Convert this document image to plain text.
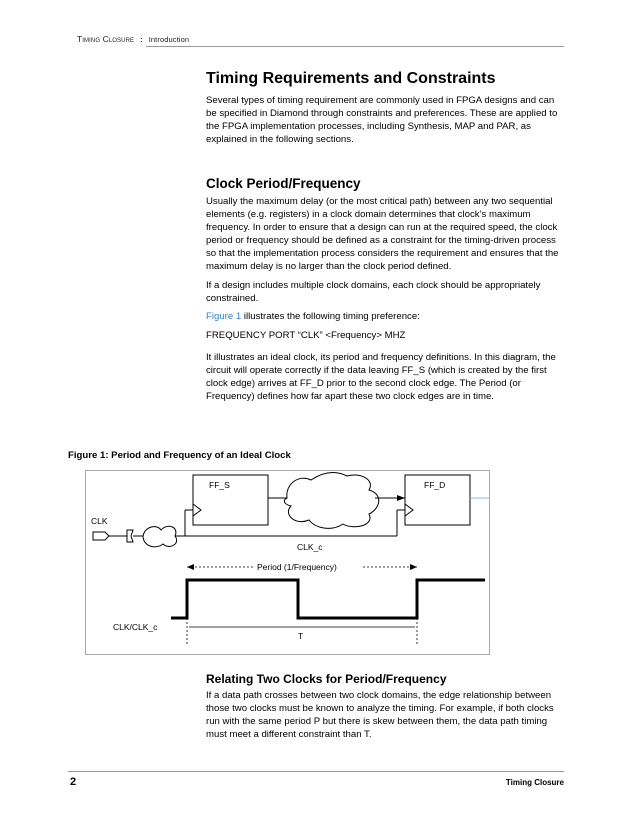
Timing Closure : Introduction
Timing Requirements and Constraints

Several types of timing requirement are commonly used in FPGA designs and can be specified in Diamond through constraints and preferences. These are applied to the FPGA implementation processes, including Synthesis, MAP and PAR, as explained in the following sections.

Clock Period/Frequency

Usually the maximum delay (or the most critical path) between any two sequential elements (e.g. registers) in a clock domain determines that clock’s maximum frequency. In order to ensure that a design can run at the required speed, the clock period or frequency should be defined as a constraint for the timing-driven process so that the implementation process considers the requirement and ensures that the maximum delay is no larger than the clock period defined.

If a design includes multiple clock domains, each clock should be appropriately constrained.

Figure 1 illustrates the following timing preference:

FREQUENCY PORT “CLK” <Frequency> MHZ

It illustrates an ideal clock, its period and frequency definitions. In this diagram, the circuit will operate correctly if the data leaving FF_S (which is created by the first clock edge) arrives at FF_D prior to the second clock edge. The Period (or Frequency) defines how far apart these two clock edges are in time.

Figure 1: Period and Frequency of an Ideal Clock
FF_S	FF_D
CLK
CLK_c
Period (1/Frequency)
CLK/CLK_c
T
Relating Two Clocks for Period/Frequency

If a data path crosses between two clock domains, the edge relationship between those two clocks must be known to analyze the timing. For example, if both clocks run with the same period P but there is skew between them, the data path timing must meet a different constraint than T.

2	Timing Closure
